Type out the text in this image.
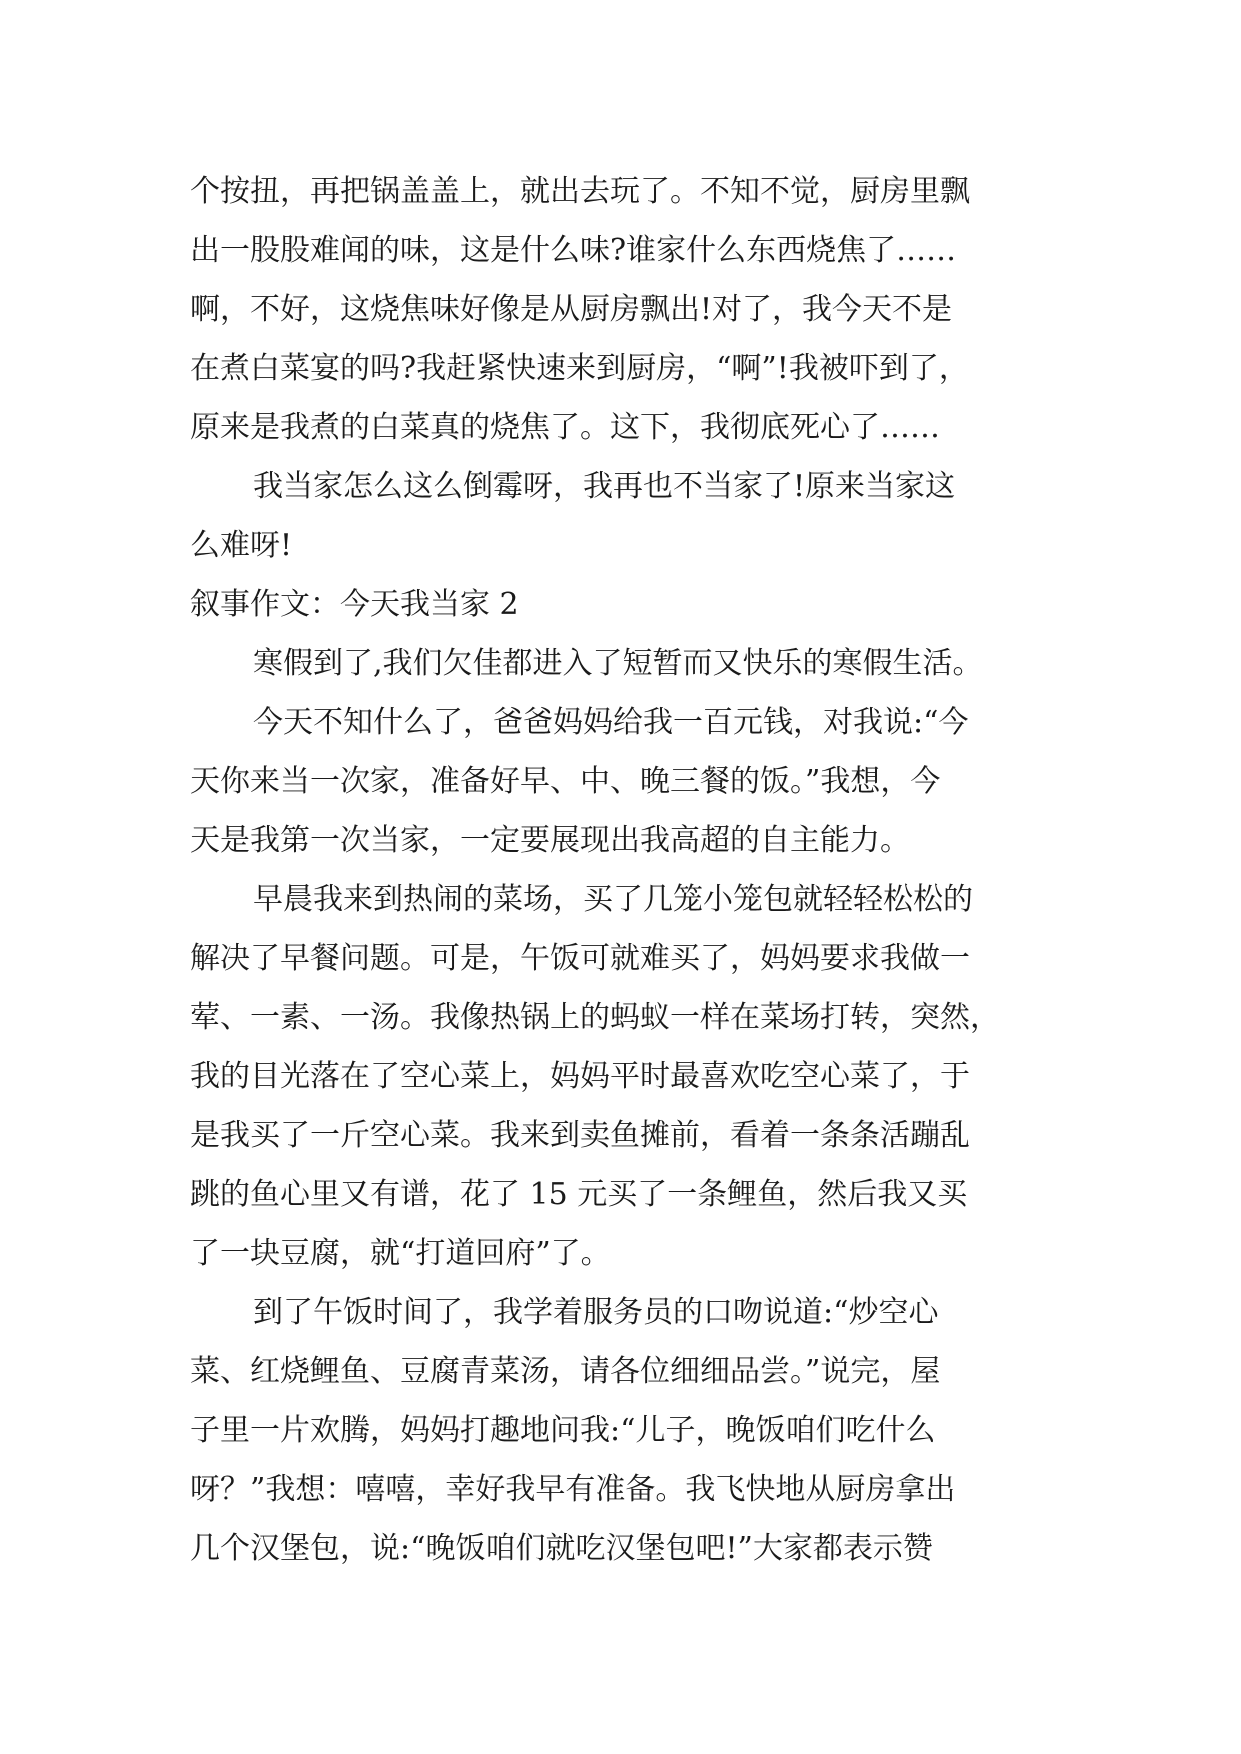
个按扭，再把锅盖盖上，就出去玩了。不知不觉，厨房里飘
出一股股难闻的味，这是什么味?谁家什么东西烧焦了……
啊，不好，这烧焦味好像是从厨房飘出!对了，我今天不是
在煮白菜宴的吗?我赶紧快速来到厨房，“啊”!我被吓到了，
原来是我煮的白菜真的烧焦了。这下，我彻底死心了……
我当家怎么这么倒霉呀，我再也不当家了!原来当家这
么难呀!
叙事作文：今天我当家 2
寒假到了,我们欠佳都进入了短暂而又快乐的寒假生活。
今天不知什么了，爸爸妈妈给我一百元钱，对我说:“今
天你来当一次家，准备好早、中、晚三餐的饭。”我想，今
天是我第一次当家，一定要展现出我高超的自主能力。
早晨我来到热闹的菜场，买了几笼小笼包就轻轻松松的
解决了早餐问题。可是，午饭可就难买了，妈妈要求我做一
荤、一素、一汤。我像热锅上的蚂蚁一样在菜场打转，突然，
我的目光落在了空心菜上，妈妈平时最喜欢吃空心菜了，于
是我买了一斤空心菜。我来到卖鱼摊前，看着一条条活蹦乱
跳的鱼心里又有谱，花了 15 元买了一条鲤鱼，然后我又买
了一块豆腐，就“打道回府”了。
到了午饭时间了，我学着服务员的口吻说道:“炒空心
菜、红烧鲤鱼、豆腐青菜汤，请各位细细品尝。”说完，屋
子里一片欢腾，妈妈打趣地问我:“儿子，晚饭咱们吃什么
呀？”我想：嘻嘻，幸好我早有准备。我飞快地从厨房拿出
几个汉堡包，说:“晚饭咱们就吃汉堡包吧!”大家都表示赞
